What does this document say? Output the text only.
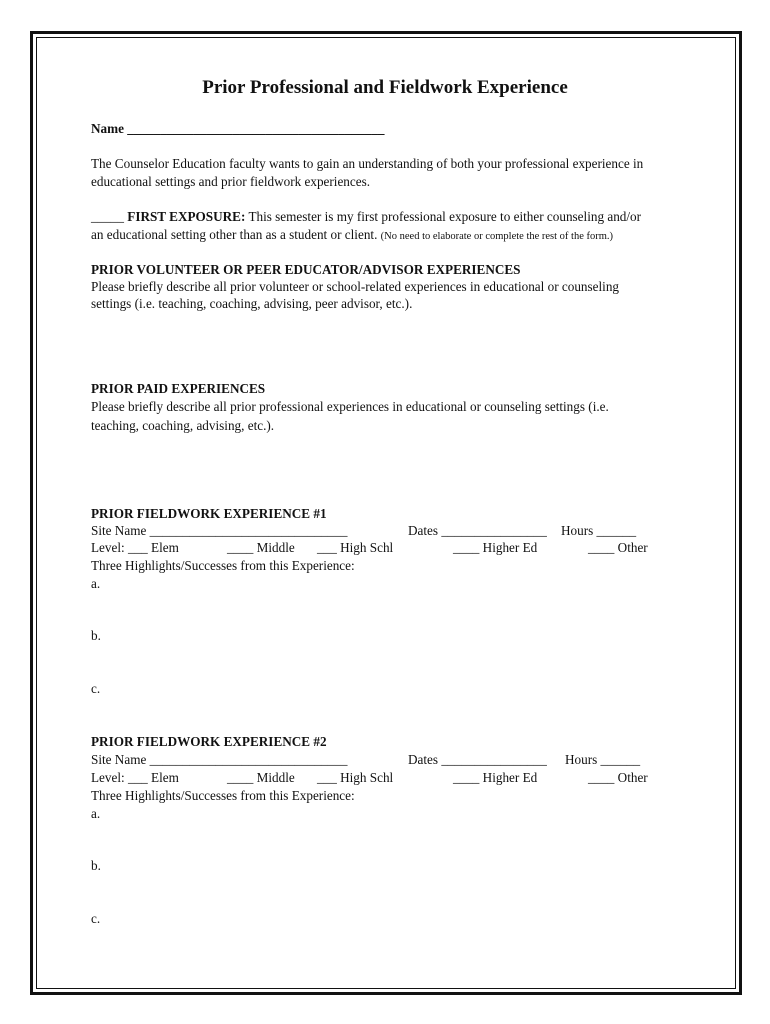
Prior Professional and Fieldwork Experience
Name _______________________________________
The Counselor Education faculty wants to gain an understanding of both your professional experience in
educational settings and prior fieldwork experiences.
_____ FIRST EXPOSURE: This semester is my first professional exposure to either counseling and/or
an educational setting other than as a student or client. (No need to elaborate or complete the rest of the form.)
PRIOR VOLUNTEER OR PEER EDUCATOR/ADVISOR EXPERIENCES
Please briefly describe all prior volunteer or school-related experiences in educational or counseling
settings (i.e. teaching, coaching, advising, peer advisor, etc.).
PRIOR PAID EXPERIENCES
Please briefly describe all prior professional experiences in educational or counseling settings (i.e.
teaching, coaching, advising, etc.).
PRIOR FIELDWORK EXPERIENCE #1
Site Name ______________________________	Dates ________________ Hours ______
Level: ___ Elem	____ Middle ___ High Schl	____ Higher Ed	____ Other
Three Highlights/Successes from this Experience:
a.
b.
c.
PRIOR FIELDWORK EXPERIENCE #2
Site Name ______________________________	Dates ________________ Hours ______
Level: ___ Elem	____ Middle ___ High Schl	____ Higher Ed	____ Other
Three Highlights/Successes from this Experience:
a.
b.
c.
